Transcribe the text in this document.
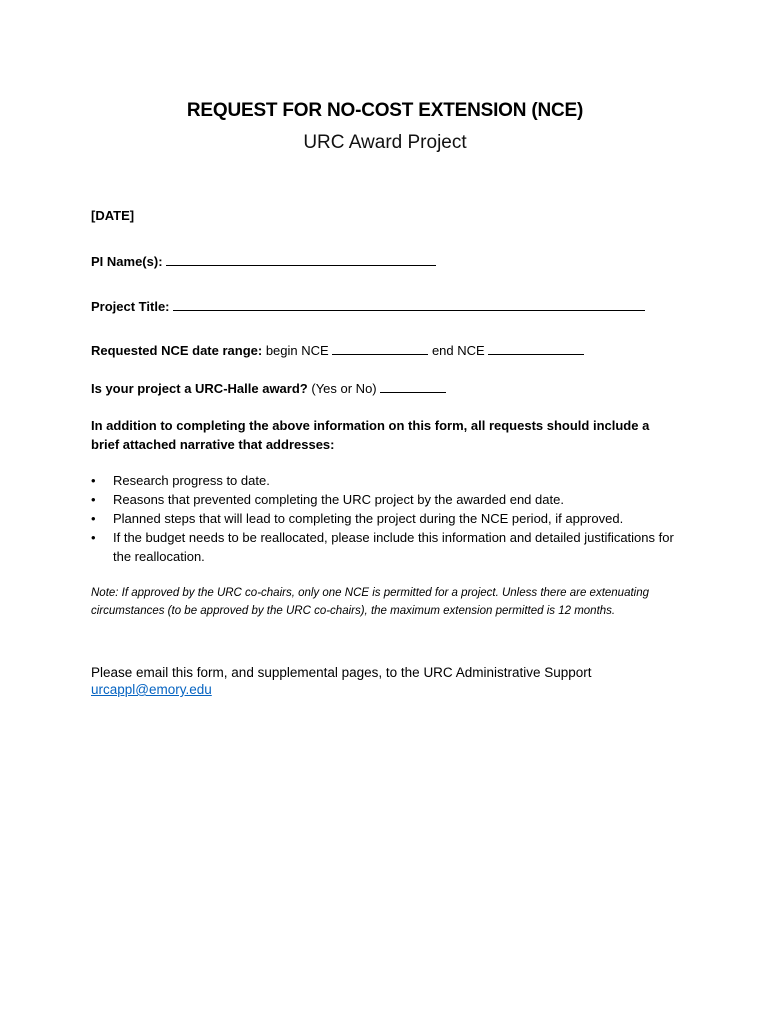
REQUEST FOR NO-COST EXTENSION (NCE)
URC Award Project
[DATE]
PI Name(s):
Project Title:
Requested NCE date range: begin NCE	end NCE
Is your project a URC-Halle award? (Yes or No)
In addition to completing the above information on this form, all requests should include a brief attached narrative that addresses:
• Research progress to date.
• Reasons that prevented completing the URC project by the awarded end date.
• Planned steps that will lead to completing the project during the NCE period, if approved.
• If the budget needs to be reallocated, please include this information and detailed justifications for the reallocation.
Note: If approved by the URC co-chairs, only one NCE is permitted for a project. Unless there are extenuating circumstances (to be approved by the URC co-chairs), the maximum extension permitted is 12 months.
Please email this form, and supplemental pages, to the URC Administrative Support
urcappl@emory.edu
